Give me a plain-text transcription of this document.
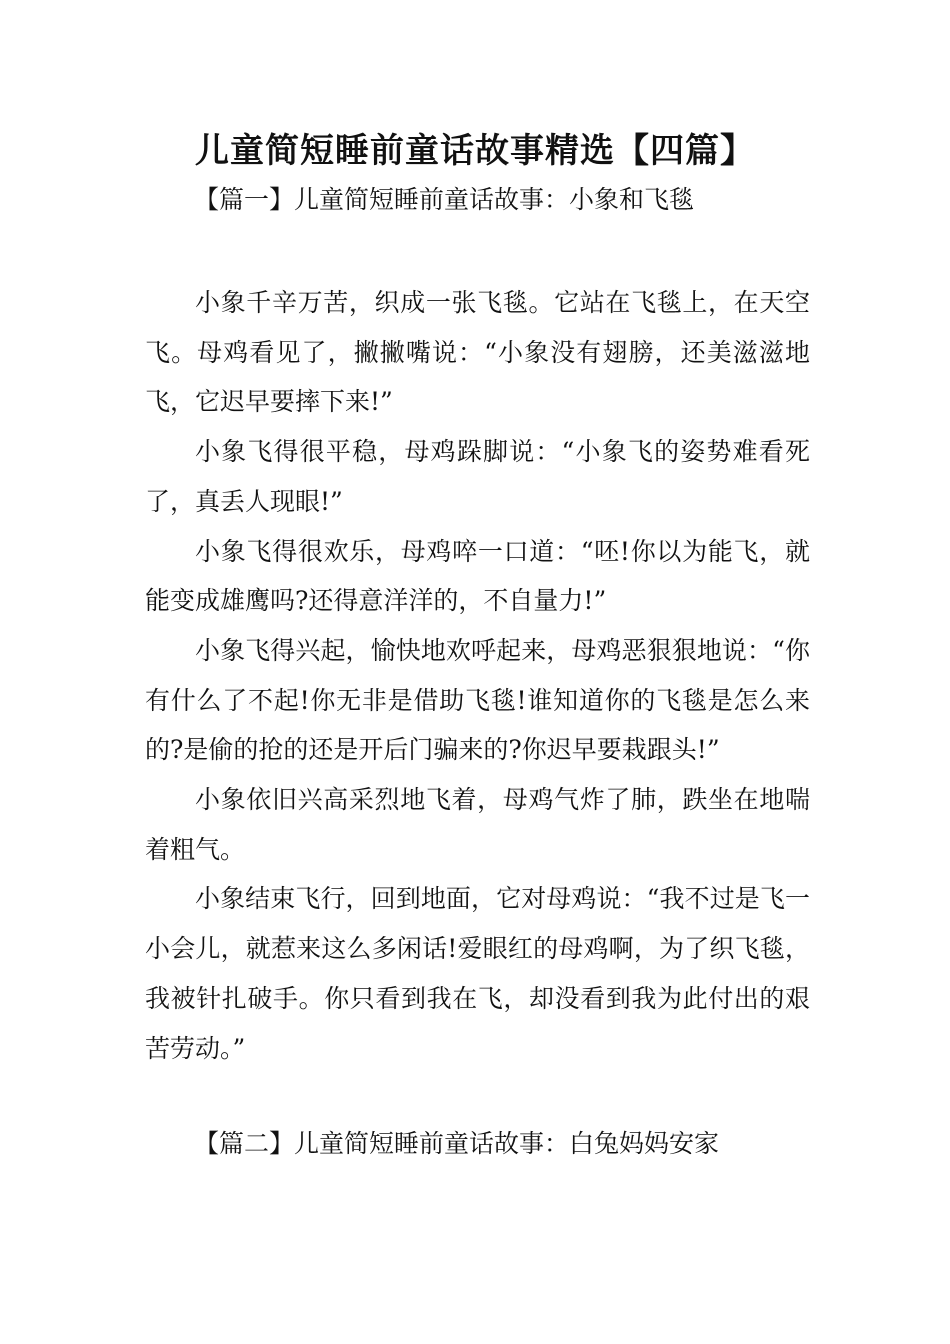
儿童简短睡前童话故事精选【四篇】
【篇一】儿童简短睡前童话故事：小象和飞毯

小象千辛万苦，织成一张飞毯。它站在飞毯上，在天空飞。母鸡看见了，撇撇嘴说：“小象没有翅膀，还美滋滋地飞，它迟早要摔下来!”

小象飞得很平稳，母鸡跺脚说：“小象飞的姿势难看死了，真丢人现眼!”

小象飞得很欢乐，母鸡啐一口道：“呸!你以为能飞，就能变成雄鹰吗?还得意洋洋的，不自量力!”

小象飞得兴起，愉快地欢呼起来，母鸡恶狠狠地说：“你有什么了不起!你无非是借助飞毯!谁知道你的飞毯是怎么来的?是偷的抢的还是开后门骗来的?你迟早要栽跟头!”

小象依旧兴高采烈地飞着，母鸡气炸了肺，跌坐在地喘着粗气。

小象结束飞行，回到地面，它对母鸡说：“我不过是飞一小会儿，就惹来这么多闲话!爱眼红的母鸡啊，为了织飞毯，我被针扎破手。你只看到我在飞，却没看到我为此付出的艰苦劳动。”

【篇二】儿童简短睡前童话故事：白兔妈妈安家
